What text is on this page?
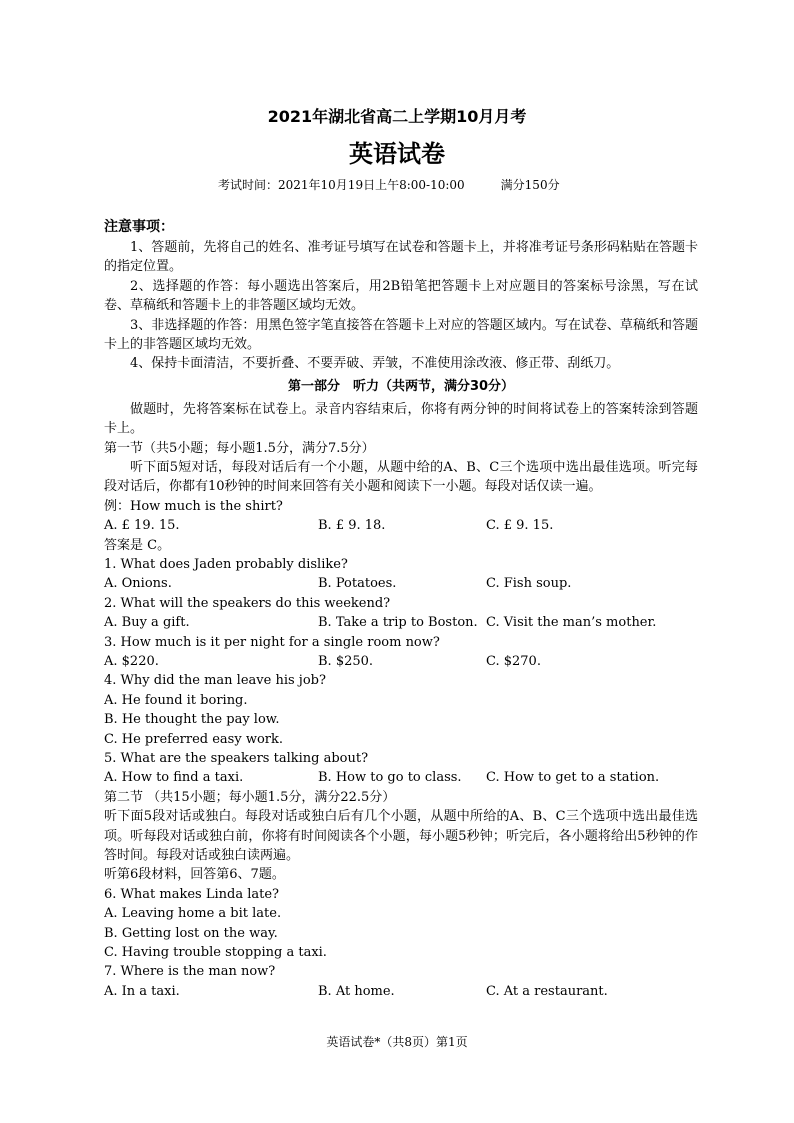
2021年湖北省高二上学期10月月考
英语试卷
考试时间：2021年10月19日上午8:00-10:00	满分150分
注意事项：
1、答题前，先将自己的姓名、准考证号填写在试卷和答题卡上，并将准考证号条形码粘贴在答题卡的指定位置。
2、选择题的作答：每小题选出答案后，用2B铅笔把答题卡上对应题目的答案标号涂黑，写在试卷、草稿纸和答题卡上的非答题区域均无效。
3、非选择题的作答：用黑色签字笔直接答在答题卡上对应的答题区域内。写在试卷、草稿纸和答题卡上的非答题区域均无效。
4、保持卡面清洁，不要折叠、不要弄破、弄皱，不准使用涂改液、修正带、刮纸刀。
第一部分　听力（共两节，满分30分）
做题时，先将答案标在试卷上。录音内容结束后，你将有两分钟的时间将试卷上的答案转涂到答题卡上。
第一节（共5小题；每小题1.5分，满分7.5分）
听下面5短对话，每段对话后有一个小题，从题中给的A、B、C三个选项中选出最佳选项。听完每段对话后，你都有10秒钟的时间来回答有关小题和阅读下一小题。每段对话仅读一遍。
例：How much is the shirt?
A. £ 19. 15.	B. £ 9. 18.	C. £ 9. 15.
答案是 C。
1. What does Jaden probably dislike?
A. Onions.	B. Potatoes.	C. Fish soup.
2. What will the speakers do this weekend?
A. Buy a gift.	B. Take a trip to Boston. C. Visit the man’s mother.
3. How much is it per night for a single room now?
A. $220.	B. $250.	C. $270.
4. Why did the man leave his job?
A. He found it boring.
B. He thought the pay low.
C. He preferred easy work.
5. What are the speakers talking about?
A. How to find a taxi.	B. How to go to class.	C. How to get to a station.
第二节 （共15小题；每小题1.5分，满分22.5分）
听下面5段对话或独白。每段对话或独白后有几个小题，从题中所给的A、B、C三个选项中选出最佳选项。听每段对话或独白前，你将有时间阅读各个小题，每小题5秒钟；听完后，各小题将给出5秒钟的作答时间。每段对话或独白读两遍。
听第6段材料，回答第6、7题。
6. What makes Linda late?
A. Leaving home a bit late.
B. Getting lost on the way.
C. Having trouble stopping a taxi.
7. Where is the man now?
A. In a taxi.	B. At home.	C. At a restaurant.
英语试卷*（共8页）第1页
